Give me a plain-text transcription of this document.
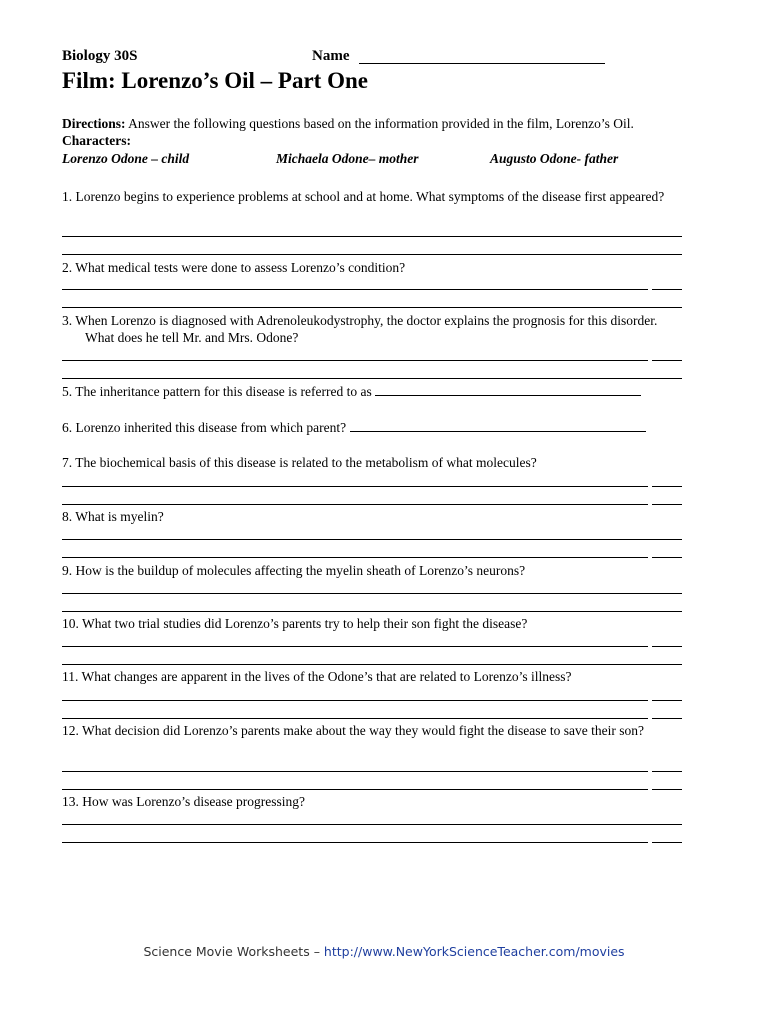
Biology 30S	Name
Film: Lorenzo’s Oil – Part One
Directions: Answer the following questions based on the information provided in the film, Lorenzo’s Oil.
Characters:
Lorenzo Odone – child	Michaela Odone– mother	Augusto Odone- father
1. Lorenzo begins to experience problems at school and at home. What symptoms of the disease first appeared?
2. What medical tests were done to assess Lorenzo’s condition?
3. When Lorenzo is diagnosed with Adrenoleukodystrophy, the doctor explains the prognosis for this disorder. What does he tell Mr. and Mrs. Odone?
5. The inheritance pattern for this disease is referred to as
6. Lorenzo inherited this disease from which parent?
7. The biochemical basis of this disease is related to the metabolism of what molecules?
8. What is myelin?
9. How is the buildup of molecules affecting the myelin sheath of Lorenzo’s neurons?
10. What two trial studies did Lorenzo’s parents try to help their son fight the disease?
11. What changes are apparent in the lives of the Odone’s that are related to Lorenzo’s illness?
12. What decision did Lorenzo’s parents make about the way they would fight the disease to save their son?
13. How was Lorenzo’s disease progressing?
Science Movie Worksheets – http://www.NewYorkScienceTeacher.com/movies
